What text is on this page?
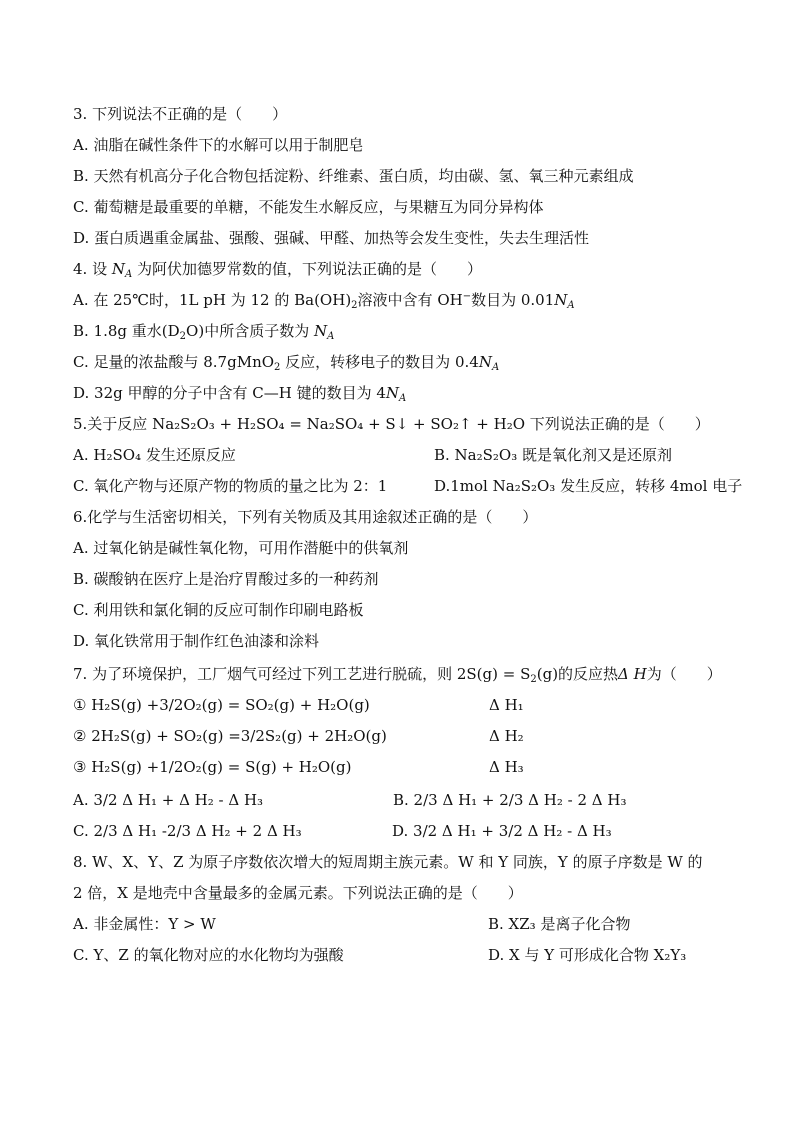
3. 下列说法不正确的是（　　）
A. 油脂在碱性条件下的水解可以用于制肥皂
B. 天然有机高分子化合物包括淀粉、纤维素、蛋白质，均由碳、氢、氧三种元素组成
C. 葡萄糖是最重要的单糖，不能发生水解反应，与果糖互为同分异构体
D. 蛋白质遇重金属盐、强酸、强碱、甲醛、加热等会发生变性，失去生理活性
4. 设 $N_A$ 为阿伏加德罗常数的值，下列说法正确的是（　　）
A. 在 25℃时，1L pH 为 12 的 $Ba(OH)_2$溶液中含有 OH−数目为 $0.01N_A$
B. 1.8g 重水$(D_2O)$中所含质子数为 $N_A$
C. 足量的浓盐酸与 8.7gMnO$_2$ 反应，转移电子的数目为 $0.4N_A$
D. 32g 甲醇的分子中含有 C—H 键的数目为 $4N_A$
5.关于反应 Na₂S₂O₃ + H₂SO₄ = Na₂SO₄ + S↓ + SO₂↑ + H₂O 下列说法正确的是（　　）
A. H₂SO₄ 发生还原反应	B. Na₂S₂O₃ 既是氧化剂又是还原剂
C. 氧化产物与还原产物的物质的量之比为 2：1	D.1mol Na₂S₂O₃ 发生反应，转移 4mol 电子
6.化学与生活密切相关，下列有关物质及其用途叙述正确的是（　　）
A. 过氧化钠是碱性氧化物，可用作潜艇中的供氧剂
B. 碳酸钠在医疗上是治疗胃酸过多的一种药剂
C. 利用铁和氯化铜的反应可制作印刷电路板
D. 氧化铁常用于制作红色油漆和涂料
7. 为了环境保护，工厂烟气可经过下列工艺进行脱硫，则 $2S(g) = S_2(g)$的反应热Δ H为（　　）
① H₂S(g) +3/2O₂(g) = SO₂(g) + H₂O(g)	Δ H₁
② 2H₂S(g) + SO₂(g) =3/2S₂(g) + 2H₂O(g)	Δ H₂
③ H₂S(g) +1/2O₂(g) = S(g) + H₂O(g)	Δ H₃
A. 3/2 Δ H₁ + Δ H₂ - Δ H₃	B. 2/3 Δ H₁ + 2/3 Δ H₂ - 2 Δ H₃
C. 2/3 Δ H₁ -2/3 Δ H₂ + 2 Δ H₃	D. 3/2 Δ H₁ + 3/2 Δ H₂ - Δ H₃
8. W、X、Y、Z 为原子序数依次增大的短周期主族元素。W 和 Y 同族，Y 的原子序数是 W 的
2 倍，X 是地壳中含量最多的金属元素。下列说法正确的是（　　）
A. 非金属性：Y > W	B. XZ₃ 是离子化合物
C. Y、Z 的氧化物对应的水化物均为强酸	D. X 与 Y 可形成化合物 X₂Y₃
